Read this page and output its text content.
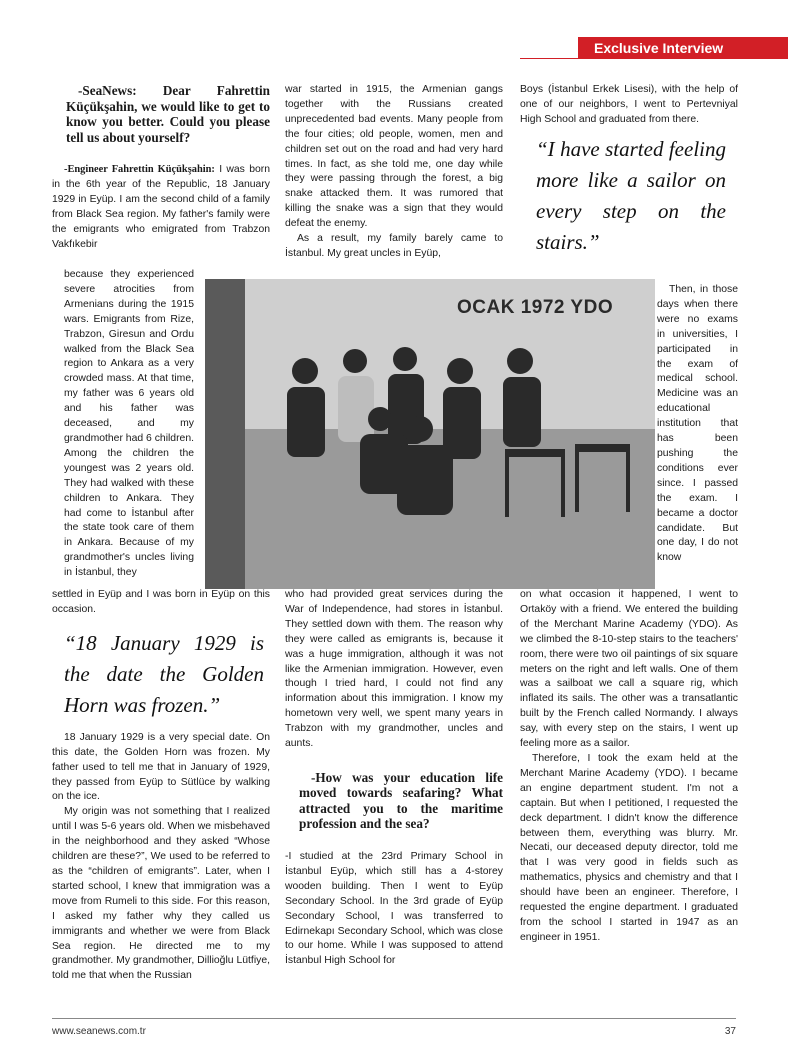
Exclusive Interview

-SeaNews: Dear Fahrettin Küçükşahin, we would like to get to know you better. Could you please tell us about yourself?

-Engineer Fahrettin Küçükşahin: I was born in the 6th year of the Republic, 18 January 1929 in Eyüp. I am the second child of a family from Black Sea region. My father's family were the emigrants who emigrated from Trabzon Vakfıkebir

because they experienced severe atrocities from Armenians during the 1915 wars. Emigrants from Rize, Trabzon, Giresun and Ordu walked from the Black Sea region to Ankara as a very crowded mass. At that time, my father was 6 years old and his father was deceased, and my grandmother had 6 children. Among the children the youngest was 2 years old. They had walked with these children to Ankara. They had come to İstanbul after the state took care of them in Ankara. Because of my grandmother's uncles living in İstanbul, they

settled in Eyüp and I was born in Eyüp on this occasion.

“18 January 1929 is the date the Golden Horn was frozen.”

18 January 1929 is a very special date. On this date, the Golden Horn was frozen. My father used to tell me that in January of 1929, they passed from Eyüp to Sütlüce by walking on the ice.

My origin was not something that I realized until I was 5-6 years old. When we misbehaved in the neighborhood and they asked “Whose children are these?”, We used to be referred to as the “children of emigrants”. Later, when I started school, I knew that immigration was a move from Rumeli to this side. For this reason, I asked my father why they called us immigrants and whether we were from Black Sea region. He directed me to my grandmother. My grandmother, Dillioğlu Lütfiye, told me that when the Russian

war started in 1915, the Armenian gangs together with the Russians created unprecedented bad events. Many people from the four cities; old people, women, men and children set out on the road and had very hard times. In fact, as she told me, one day while they were passing through the forest, a big snake attacked them. It was rumored that killing the snake was a sign that they would defeat the enemy.

As a result, my family barely came to İstanbul. My great uncles in Eyüp,

who had provided great services during the War of Independence, had stores in İstanbul. They settled down with them. The reason why they were called as emigrants is, because it was a huge immigration, although it was not like the Armenian immigration. However, even though I tried hard, I could not find any information about this immigration. I know my hometown very well, we spent many years in Trabzon with my grandmother, uncles and aunts.

-How was your education life moved towards seafaring? What attracted you to the maritime profession and the sea?

-I studied at the 23rd Primary School in İstanbul Eyüp, which still has a 4-storey wooden building. Then I went to Eyüp Secondary School. In the 3rd grade of Eyüp Secondary School, I was transferred to Edirnekapı Secondary School, which was close to our home. While I was supposed to attend İstanbul High School for

Boys (İstanbul Erkek Lisesi), with the help of one of our neighbors, I went to Pertevniyal High School and graduated from there.

“I have started feeling more like a sailor on every step on the stairs.”

Then, in those days when there were no exams in universities, I participated in the exam of medical school. Medicine was an educational institution that has been pushing the conditions ever since. I passed the exam. I became a doctor candidate. But one day, I do not know

on what occasion it happened, I went to Ortaköy with a friend. We entered the building of the Merchant Marine Academy (YDO). As we climbed the 8-10-step stairs to the teachers' room, there were two oil paintings of six square meters on the right and left walls. One of them was a sailboat we call a square rig, which inflated its sails. The other was a transatlantic built by the French called Normandy. I always say, with every step on the stairs, I went up feeling more as a sailor.

Therefore, I took the exam held at the Merchant Marine Academy (YDO). I became an engine department student. I'm not a captain. But when I petitioned, I requested the deck department. I didn't know the difference between them, everything was blurry. Mr. Necati, our deceased deputy director, told me that I was very good in fields such as mathematics, physics and chemistry and that I should have been an engineer. Therefore, I requested the engine department. I graduated from the school I started in 1947 as an engineer in 1951.

OCAK 1972 YDO
www.seanews.com.tr	37
